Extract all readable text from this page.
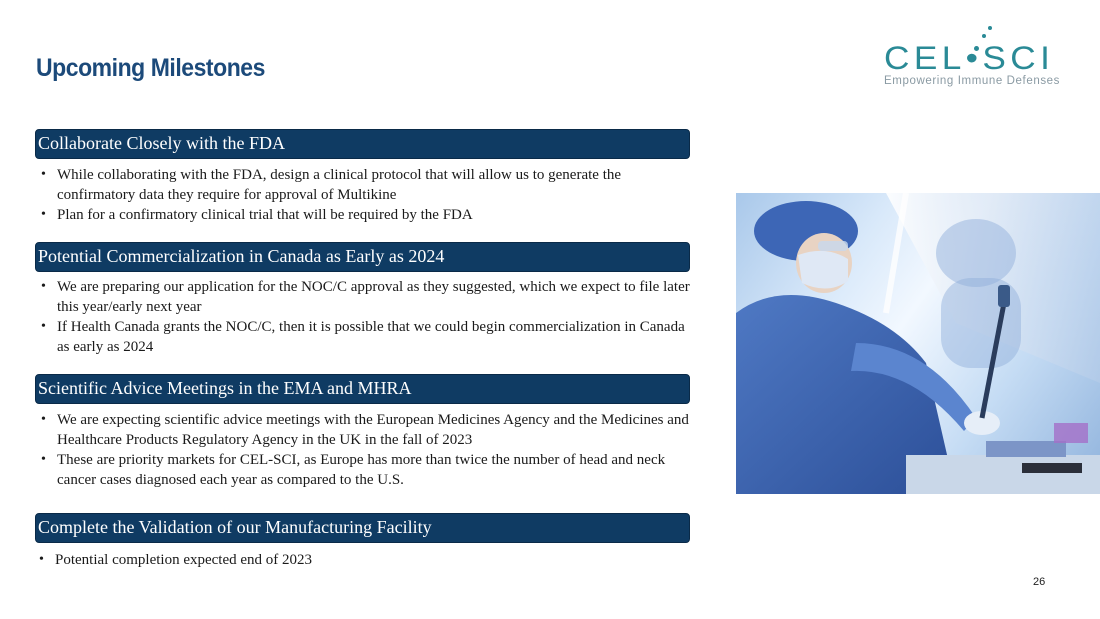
Upcoming Milestones	CEL•SCI
Empowering Immune Defenses
Collaborate Closely with the FDA
• While collaborating with the FDA, design a clinical protocol that will allow us to generate the confirmatory data they require for approval of Multikine
• Plan for a confirmatory clinical trial that will be required by the FDA
Potential Commercialization in Canada as Early as 2024
• We are preparing our application for the NOC/C approval as they suggested, which we expect to file later this year/early next year
• If Health Canada grants the NOC/C, then it is possible that we could begin commercialization in Canada as early as 2024
Scientific Advice Meetings in the EMA and MHRA
• We are expecting scientific advice meetings with the European Medicines Agency and the Medicines and Healthcare Products Regulatory Agency in the UK in the fall of 2023
• These are priority markets for CEL-SCI, as Europe has more than twice the number of head and neck cancer cases diagnosed each year as compared to the U.S.
Complete the Validation of our Manufacturing Facility
• Potential completion expected end of 2023
26
